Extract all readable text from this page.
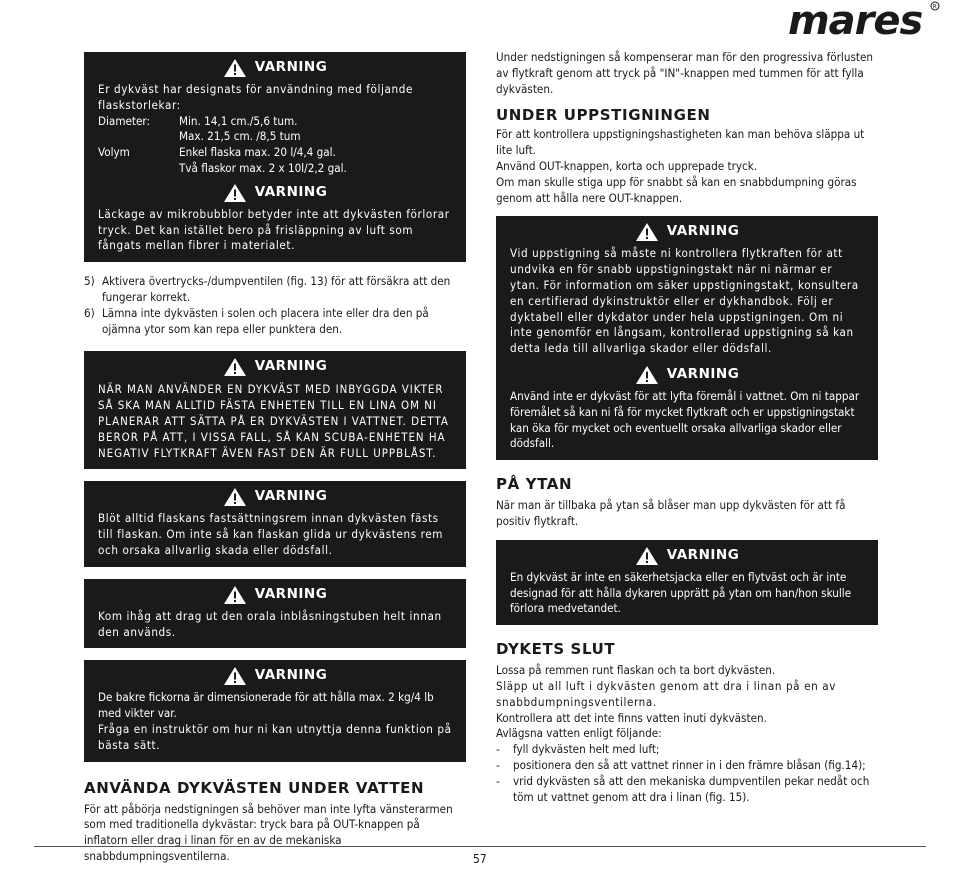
mares R
VARNING

Er dykväst har designats för användning med följande flaskstorlekar:

Diameter:	Min. 14,1 cm./5,6 tum.
Max. 21,5 cm. /8,5 tum
Volym	Enkel flaska max. 20 l/4,4 gal.
Två flaskor max. 2 x 10l/2,2 gal.
VARNING

Läckage av mikrobubblor betyder inte att dykvästen förlorar tryck. Det kan istället bero på frisläppning av luft som fångats mellan fibrer i materialet.

5) Aktivera övertrycks-/dumpventilen (fig. 13) för att försäkra att den fungerar korrekt.
6) Lämna inte dykvästen i solen och placera inte eller dra den på ojämna ytor som kan repa eller punktera den.
VARNING

NÄR MAN ANVÄNDER EN DYKVÄST MED INBYGGDA VIKTER SÅ SKA MAN ALLTID FÄSTA ENHETEN TILL EN LINA OM NI PLANERAR ATT SÄTTA PÅ ER DYKVÄSTEN I VATTNET. DETTA BEROR PÅ ATT, I VISSA FALL, SÅ KAN SCUBA-ENHETEN HA NEGATIV FLYTKRAFT ÄVEN FAST DEN ÄR FULL UPPBLÅST.

VARNING

Blöt alltid flaskans fastsättningsrem innan dykvästen fästs till flaskan. Om inte så kan flaskan glida ur dykvästens rem och orsaka allvarlig skada eller dödsfall.

VARNING

Kom ihåg att drag ut den orala inblåsningstuben helt innan den används.

VARNING

De bakre fickorna är dimensionerade för att hålla max. 2 kg/4 lb med vikter var.

Fråga en instruktör om hur ni kan utnyttja denna funktion på bästa sätt.

ANVÄNDA DYKVÄSTEN UNDER VATTEN

För att påbörja nedstigningen så behöver man inte lyfta vänsterarmen som med traditionella dykvästar: tryck bara på OUT-knappen på inflatorn eller drag i linan för en av de mekaniska snabbdumpningsventilerna.

Under nedstigningen så kompenserar man för den progressiva förlusten av flytkraft genom att tryck på "IN"-knappen med tummen för att fylla dykvästen.

UNDER UPPSTIGNINGEN

För att kontrollera uppstigningshastigheten kan man behöva släppa ut lite luft.

Använd OUT-knappen, korta och upprepade tryck.

Om man skulle stiga upp för snabbt så kan en snabbdumpning göras genom att hålla nere OUT-knappen.

VARNING

Vid uppstigning så måste ni kontrollera flytkraften för att undvika en för snabb uppstigningstakt när ni närmar er ytan. För information om säker uppstigningstakt, konsultera en certifierad dykinstruktör eller er dykhandbok. Följ er dyktabell eller dykdator under hela uppstigningen. Om ni inte genomför en långsam, kontrollerad uppstigning så kan detta leda till allvarliga skador eller dödsfall.

VARNING

Använd inte er dykväst för att lyfta föremål i vattnet. Om ni tappar föremålet så kan ni få för mycket flytkraft och er uppstigningstakt kan öka för mycket och eventuellt orsaka allvarliga skador eller dödsfall.

PÅ YTAN

När man är tillbaka på ytan så blåser man upp dykvästen för att få positiv flytkraft.

VARNING

En dykväst är inte en säkerhetsjacka eller en flytväst och är inte designad för att hålla dykaren upprätt på ytan om han/hon skulle förlora medvetandet.

DYKETS SLUT

Lossa på remmen runt flaskan och ta bort dykvästen.

Släpp ut all luft i dykvästen genom att dra i linan på en av snabbdumpningsventilerna.

Kontrollera att det inte finns vatten inuti dykvästen.

Avlägsna vatten enligt följande:

-	fyll dykvästen helt med luft;
-	positionera den så att vattnet rinner in i den främre blåsan (fig.14);
-	vrid dykvästen så att den mekaniska dumpventilen pekar nedåt och töm ut vattnet genom att dra i linan (fig. 15).
57
